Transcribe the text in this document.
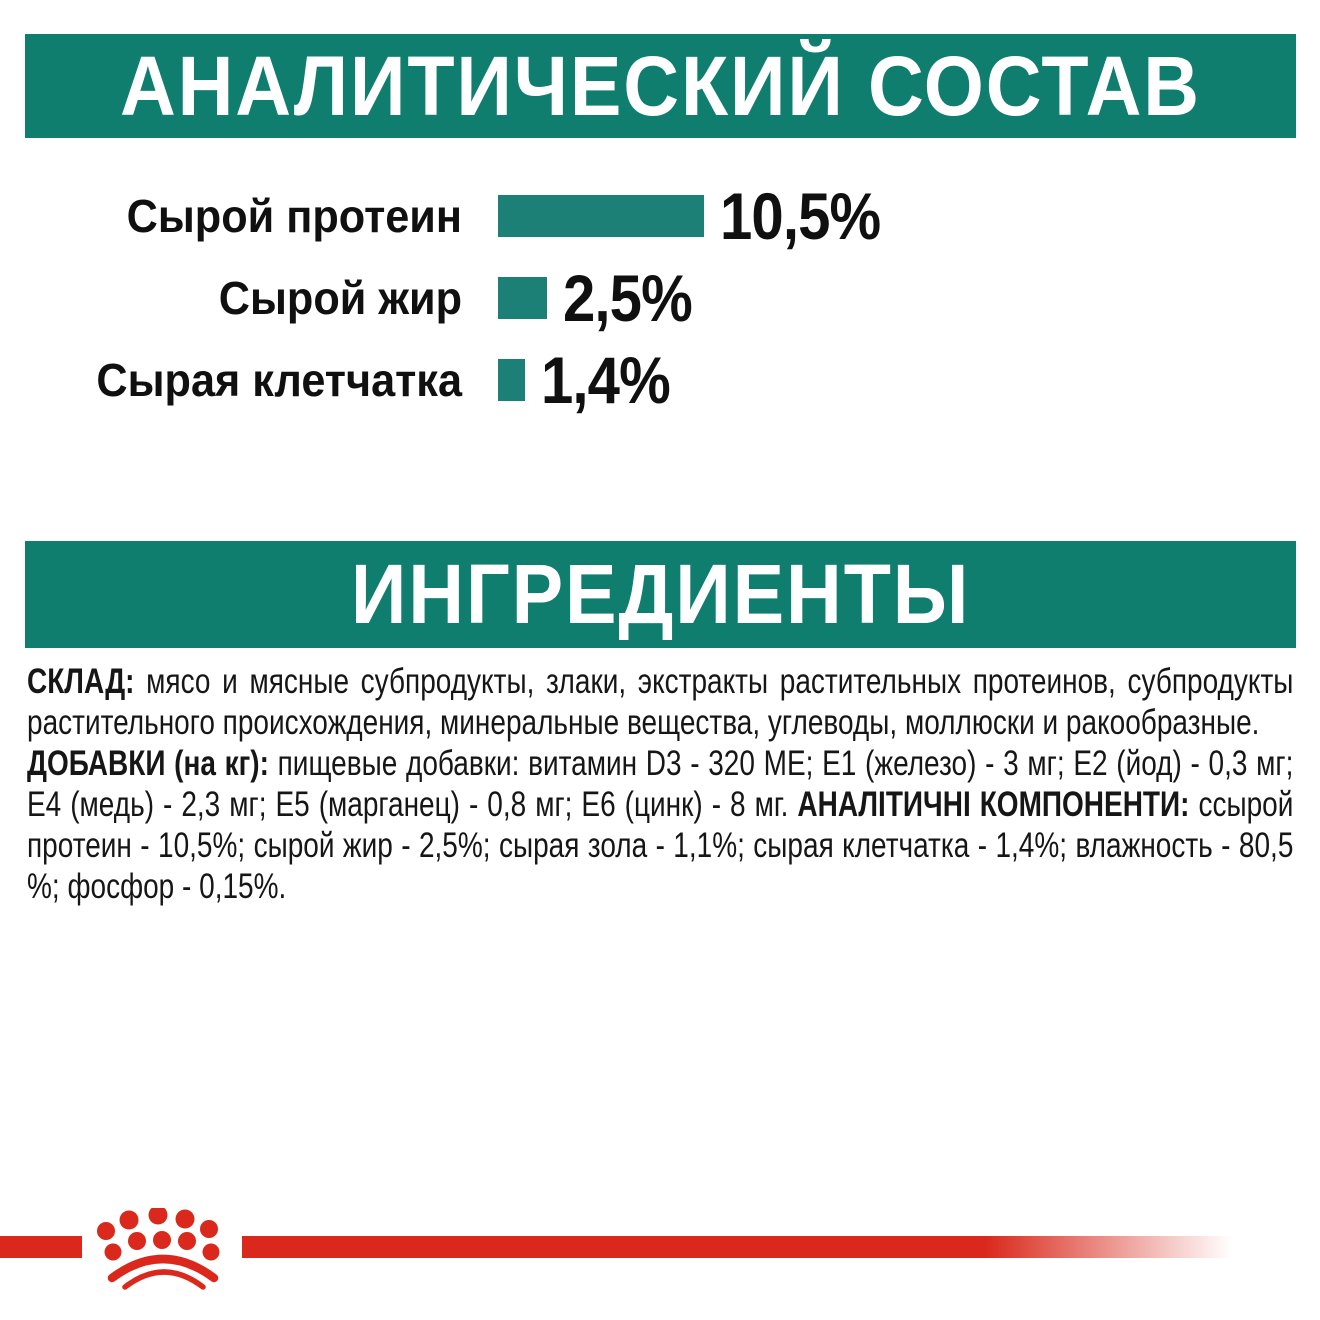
АНАЛИТИЧЕСКИЙ СОСТАВ
Сырой протеин	10,5%
Сырой жир 2,5%
Сырая клетчатка 1,4%
ИНГРЕДИЕНТЫ

СКЛАД: мясо и мясные субпродукты, злаки, экстракты растительных протеинов, субпродукты растительного происхождения, минеральные вещества, углеводы, моллюски и ракообразные.

ДОБАВКИ (на кг): пищевые добавки: витамин D3 - 320 МЕ; Е1 (железо) - 3 мг; Е2 (йод) - 0,3 мг; Е4 (медь) - 2,3 мг; Е5 (марганец) - 0,8 мг; Е6 (цинк) - 8 мг. АНАЛІТИЧНІ КОМПОНЕНТИ: ссырой протеин - 10,5%; сырой жир - 2,5%; сырая зола - 1,1%; сырая клетчатка - 1,4%; влажность - 80,5 %; фосфор - 0,15%.
